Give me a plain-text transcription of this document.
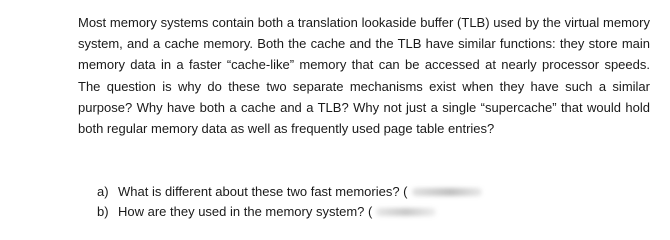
Most memory systems contain both a translation lookaside buffer (TLB) used by the virtual memory system, and a cache memory. Both the cache and the TLB have similar functions: they store main memory data in a faster “cache-like” memory that can be accessed at nearly processor speeds. The question is why do these two separate mechanisms exist when they have such a similar purpose? Why have both a cache and a TLB? Why not just a single “supercache” that would hold both regular memory data as well as frequently used page table entries?

a) What is different about these two fast memories? (
b) How are they used in the memory system? (
